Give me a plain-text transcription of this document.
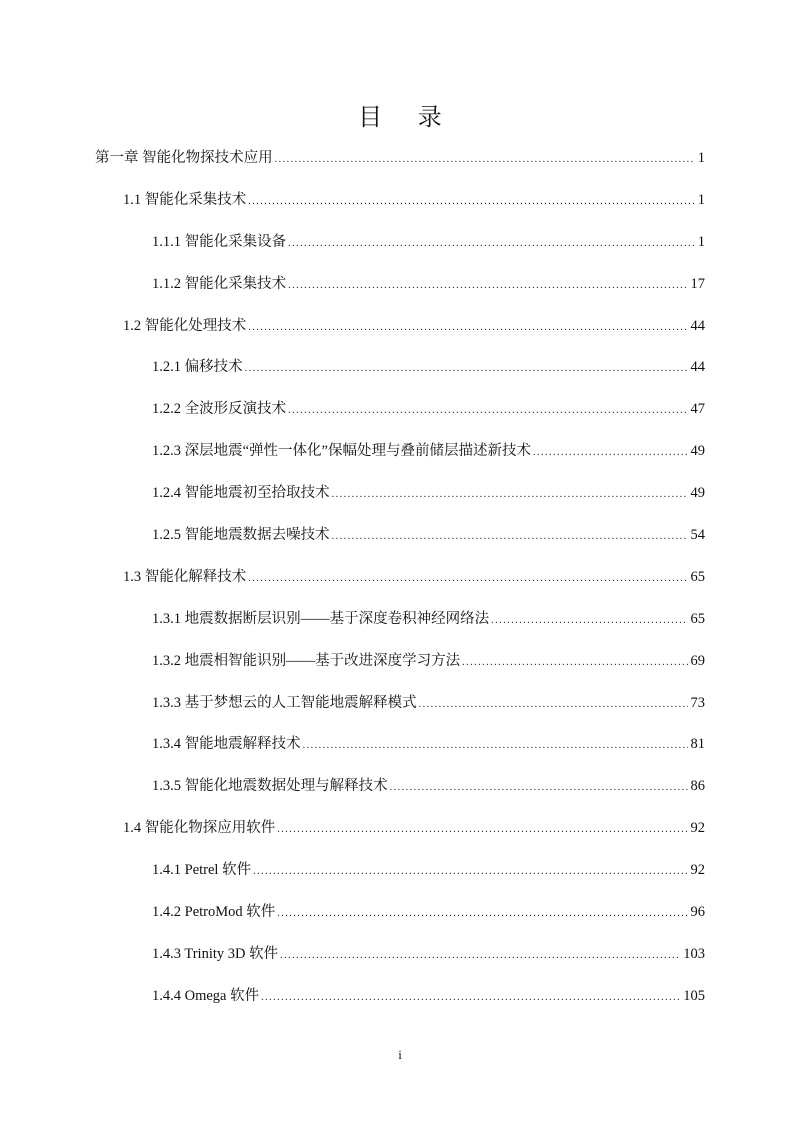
目 录
第一章 智能化物探技术应用 .....	1
1.1 智能化采集技术 .....	1
1.1.1 智能化采集设备 .....	1
1.1.2 智能化采集技术 .....	17
1.2 智能化处理技术 .....	44
1.2.1 偏移技术 .....	44
1.2.2 全波形反演技术 .....	47
1.2.3 深层地震“弹性一体化”保幅处理与叠前储层描述新技术 .....	49
1.2.4 智能地震初至拾取技术 .....	49
1.2.5 智能地震数据去噪技术 .....	54
1.3 智能化解释技术 .....	65
1.3.1 地震数据断层识别——基于深度卷积神经网络法 .....	65
1.3.2 地震相智能识别——基于改进深度学习方法 .....	69
1.3.3 基于梦想云的人工智能地震解释模式 .....	73
1.3.4 智能地震解释技术 .....	81
1.3.5 智能化地震数据处理与解释技术 .....	86
1.4 智能化物探应用软件 .....	92
1.4.1 Petrel 软件 .....	92
1.4.2 PetroMod 软件 .....	96
1.4.3 Trinity 3D 软件 .....	103
1.4.4 Omega 软件 .....	105
i
